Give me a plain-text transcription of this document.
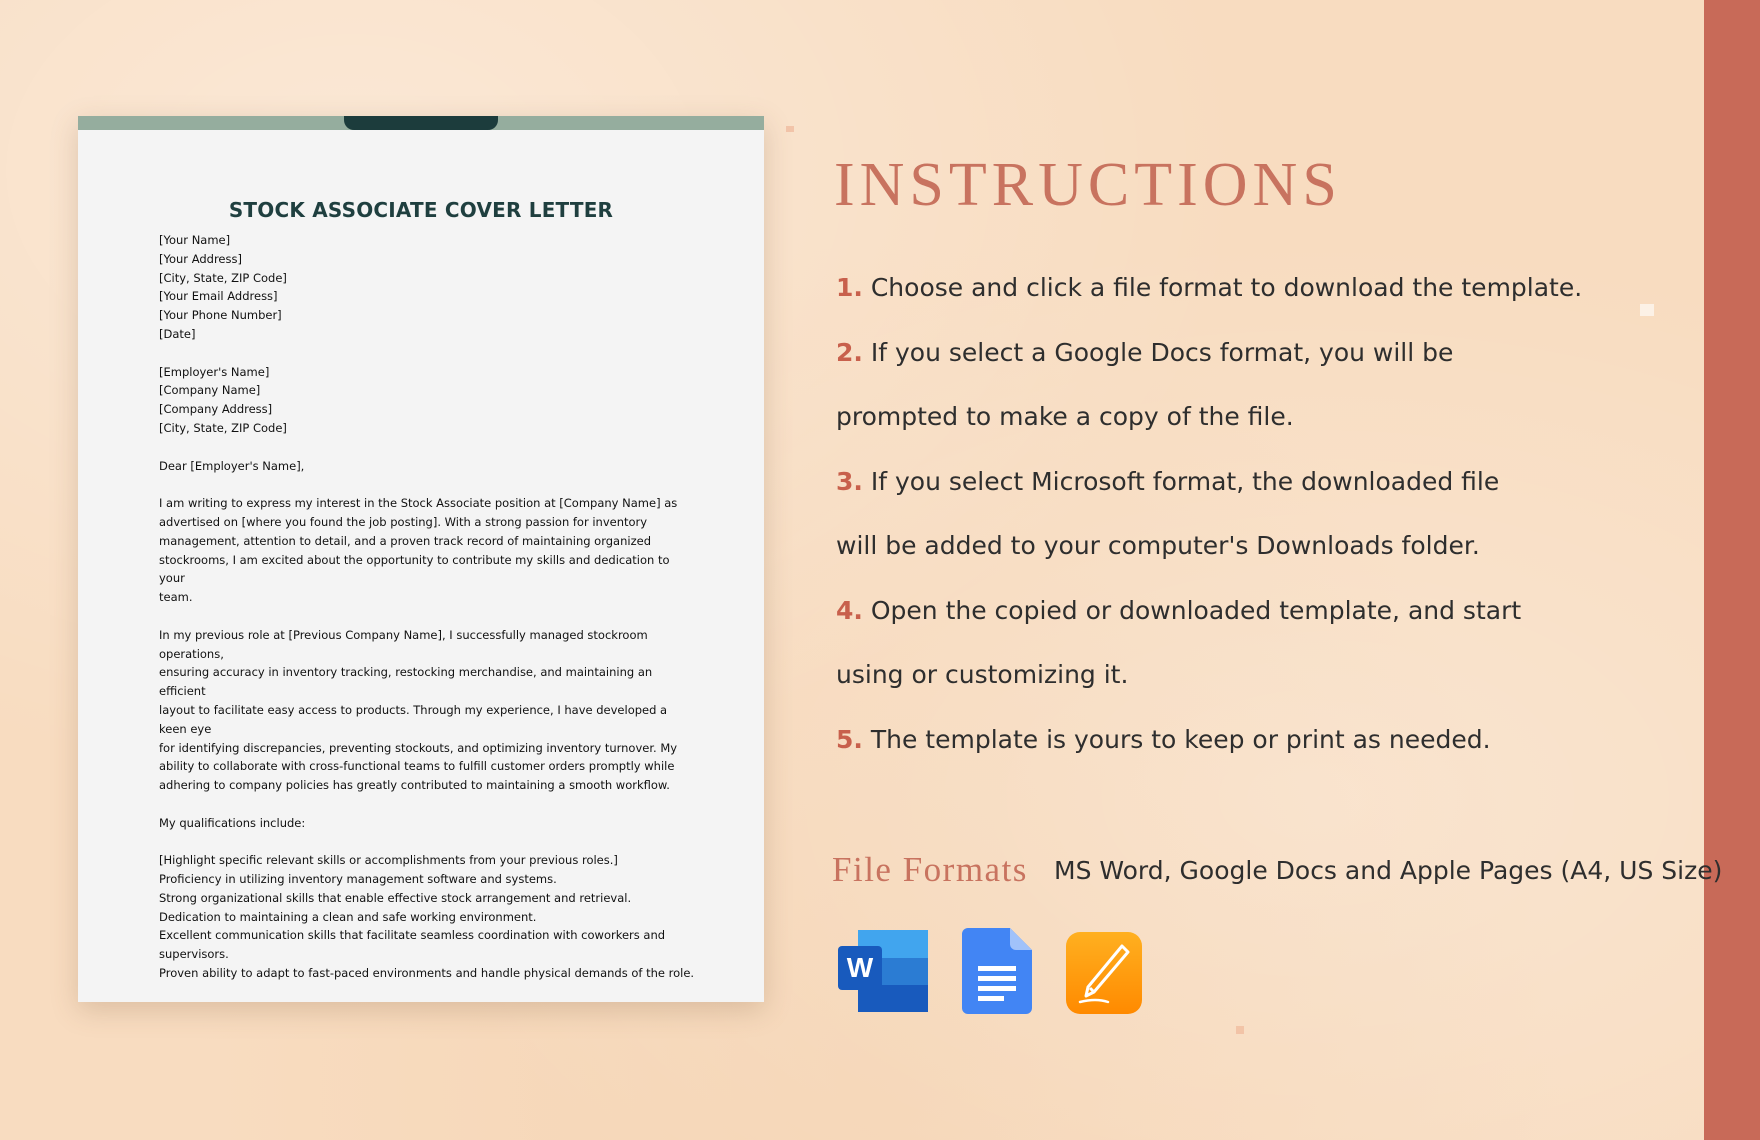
STOCK ASSOCIATE COVER LETTER

[Your Name]

[Your Address]

[City, State, ZIP Code]

[Your Email Address]

[Your Phone Number]

[Date]

[Employer's Name]

[Company Name]

[Company Address]

[City, State, ZIP Code]

Dear [Employer's Name],

I am writing to express my interest in the Stock Associate position at [Company Name] as

advertised on [where you found the job posting]. With a strong passion for inventory

management, attention to detail, and a proven track record of maintaining organized

stockrooms, I am excited about the opportunity to contribute my skills and dedication to your

team.

In my previous role at [Previous Company Name], I successfully managed stockroom operations,

ensuring accuracy in inventory tracking, restocking merchandise, and maintaining an efficient

layout to facilitate easy access to products. Through my experience, I have developed a keen eye

for identifying discrepancies, preventing stockouts, and optimizing inventory turnover. My

ability to collaborate with cross-functional teams to fulfill customer orders promptly while

adhering to company policies has greatly contributed to maintaining a smooth workflow.

My qualifications include:

[Highlight specific relevant skills or accomplishments from your previous roles.]

Proficiency in utilizing inventory management software and systems.

Strong organizational skills that enable effective stock arrangement and retrieval.

Dedication to maintaining a clean and safe working environment.

Excellent communication skills that facilitate seamless coordination with coworkers and

supervisors.

Proven ability to adapt to fast-paced environments and handle physical demands of the role.

INSTRUCTIONS
1. Choose and click a file format to download the template.
2. If you select a Google Docs format, you will be
prompted to make a copy of the file.
3. If you select Microsoft format, the downloaded file
will be added to your computer's Downloads folder.
4. Open the copied or downloaded template, and start
using or customizing it.
5. The template is yours to keep or print as needed.
File Formats MS Word, Google Docs and Apple Pages (A4, US Size)
W
